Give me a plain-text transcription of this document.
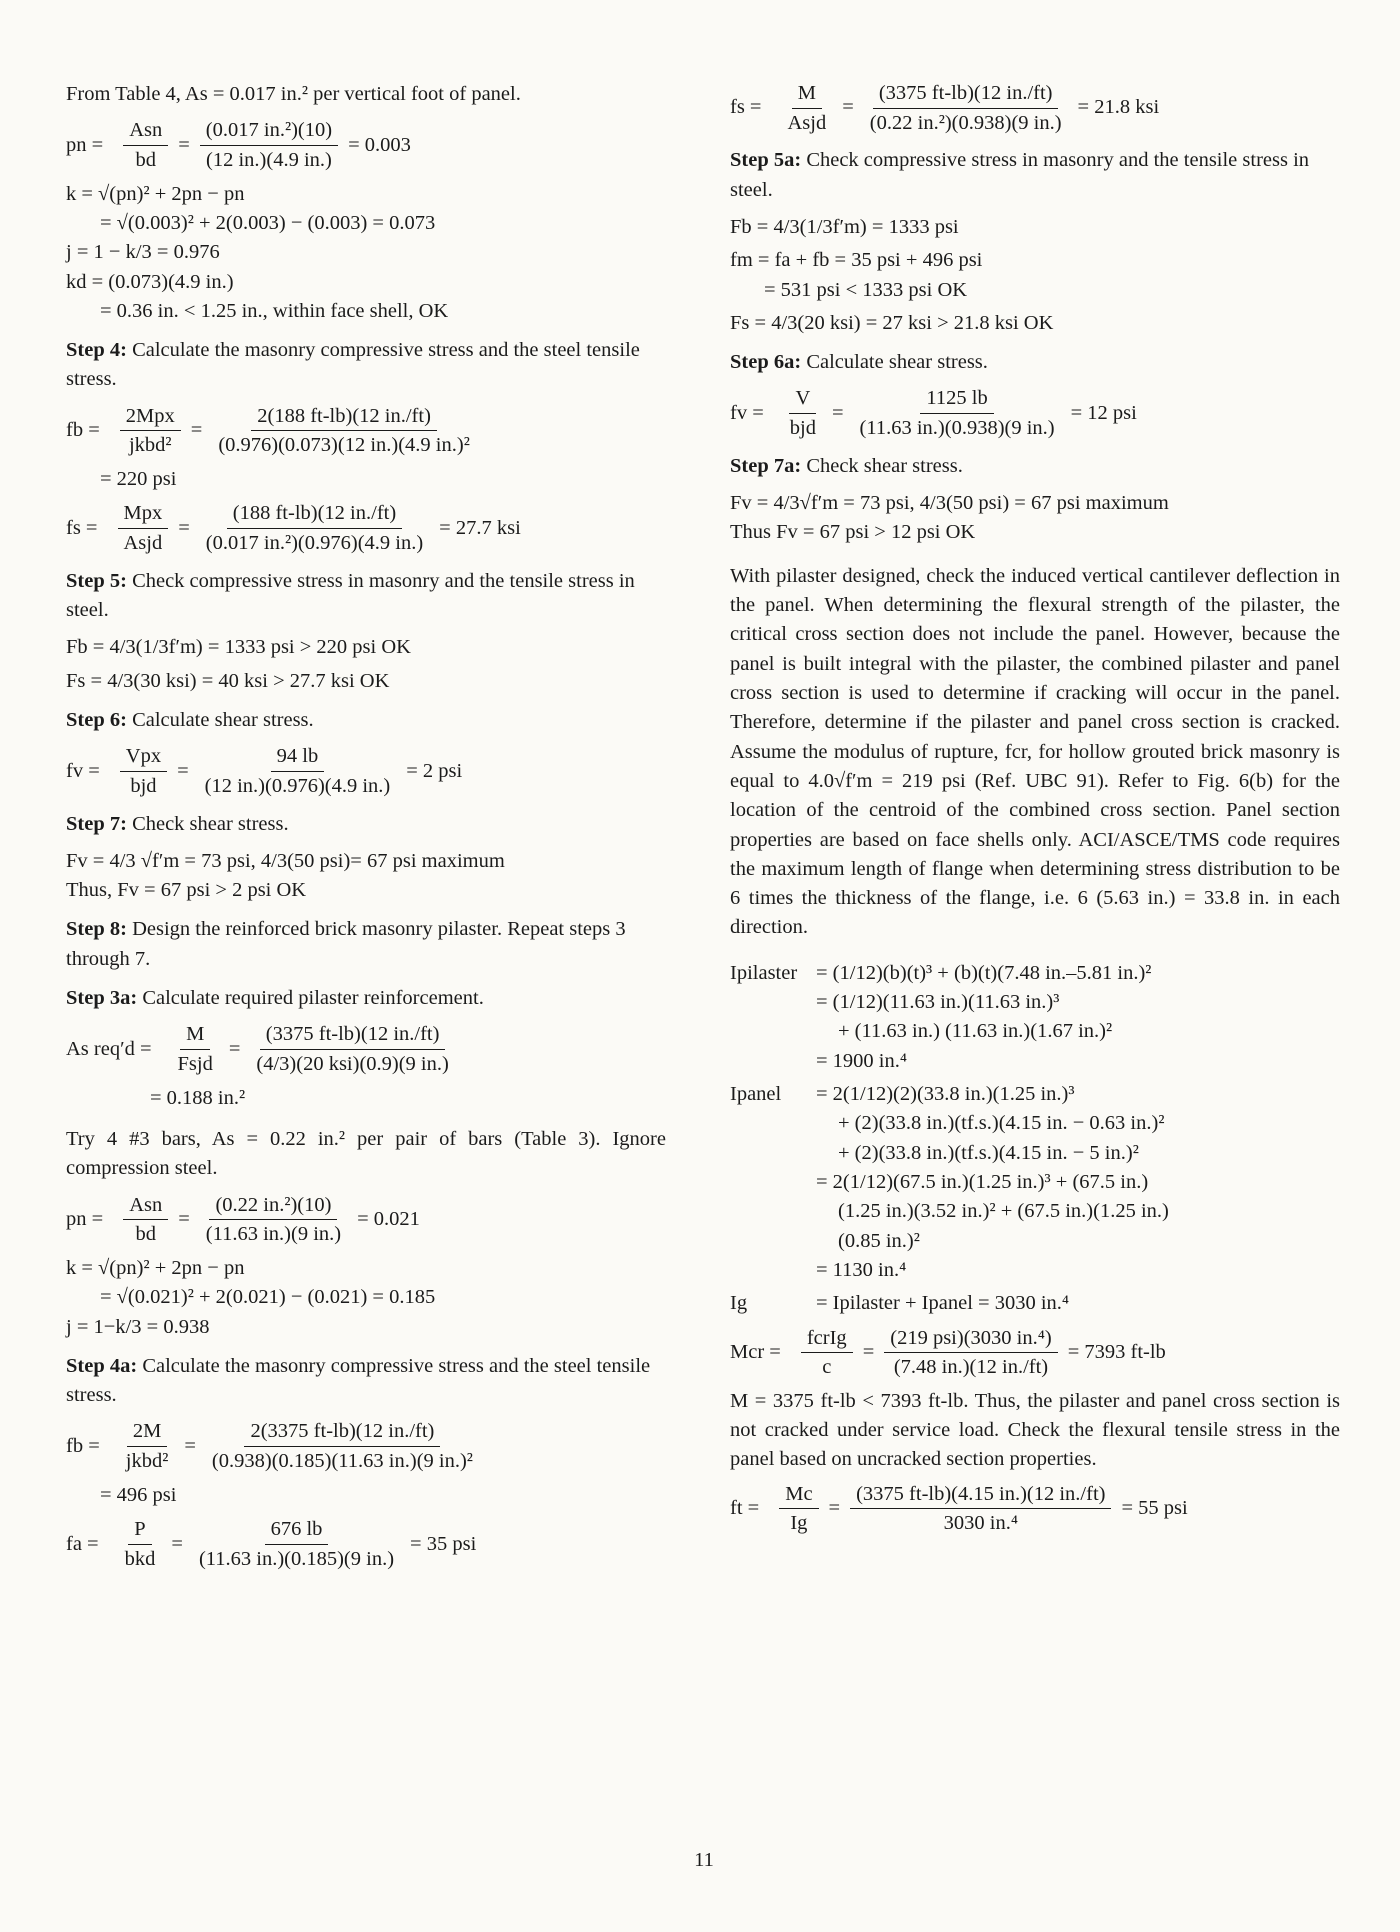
From Table 4, As = 0.017 in.² per vertical foot of panel.

pn = $\frac{\text{Asn}}{bd} = \frac{\text{(0.017 in.²)(10)}}{(12 in.)(4.9 in.)} = 0.003$
k = √(pn)² + 2pn − pn
= √(0.003)² + 2(0.003) − (0.003) = 0.073
j = 1 − k/3 = 0.976
kd = (0.073)(4.9 in.)
= 0.36 in. < 1.25 in., within face shell, OK

Step 4: Calculate the masonry compressive stress and the steel tensile stress.

fb = $\frac{\text{2Mpx}}{\text{jkbd²}} = \frac{2(188 ft-lb)(12 in./ft)}{\text{(0.976)(0.073)(12 in.)(4.9 in.)²}}$
= 220 psi
fs = $\frac{\text{Mpx}}{\text{Asjd}} = \frac{(188 ft-lb)(12 in./ft)}{\text{(0.017 in.²)(0.976)(4.9 in.)}} = 27.7$ ksi

Step 5: Check compressive stress in masonry and the tensile stress in steel.

Fb = 4/3(1/3f′m) = 1333 psi > 220 psi OK
Fs = 4/3(30 ksi) = 40 ksi > 27.7 ksi OK

Step 6: Calculate shear stress.

fv = $\frac{\text{Vpx}}{\text{bjd}} = \frac{94 lb}{(12 in.)(0.976)(4.9 in.)} = 2$ psi

Step 7: Check shear stress.

Fv = 4/3 √f′m = 73 psi, 4/3(50 psi)= 67 psi maximum
Thus, Fv = 67 psi > 2 psi OK

Step 8: Design the reinforced brick masonry pilaster. Repeat steps 3 through 7.

Step 3a: Calculate required pilaster reinforcement.

As $req'd = \frac{M}{\text{Fsjd}} = \frac{(3375 ft-lb)(12 in./ft)}{\text{(4/3)(20 ksi)(0.9)(9 in.)}}$
= 0.188 in.²

Try 4 #3 bars, As = 0.22 in.² per pair of bars (Table 3). Ignore compression steel.

pn = $\frac{\text{Asn}}{bd} = \frac{\text{(0.22 in.²)(10)}}{(11.63 in.)(9 in.)} = 0.021$
k = √(pn)² + 2pn − pn
= √(0.021)² + 2(0.021) − (0.021) = 0.185
j = 1−k/3 = 0.938

Step 4a: Calculate the masonry compressive stress and the steel tensile stress.

fb = $\frac{2M}{\text{jkbd²}} = \frac{2(3375 ft-lb)(12 in./ft)}{\text{(0.938)(0.185)(11.63 in.)(9 in.)²}}$
= 496 psi
fa = $\frac{P}{\text{bkd}} = \frac{676 lb}{(11.63 in.)(0.185)(9 in.)} = 35$ psi
fs = $\frac{M}{\text{Asjd}} = \frac{(3375 ft-lb)(12 in./ft)}{\text{(0.22 in.²)(0.938)(9 in.)}} = 21.8$ ksi

Step 5a: Check compressive stress in masonry and the tensile stress in steel.

Fb = 4/3(1/3f′m) = 1333 psi
fm = fa + fb = 35 psi + 496 psi
= 531 psi < 1333 psi OK
Fs = 4/3(20 ksi) = 27 ksi > 21.8 ksi OK

Step 6a: Calculate shear stress.

fv = $\frac{V}{\text{bjd}} = \frac{1125 lb}{(11.63 in.)(0.938)(9 in.)} = 12$ psi

Step 7a: Check shear stress.

Fv = 4/3√f′m = 73 psi, 4/3(50 psi) = 67 psi maximum
Thus Fv = 67 psi > 12 psi OK

With pilaster designed, check the induced vertical cantilever deflection in the panel. When determining the flexural strength of the pilaster, the critical cross section does not include the panel. However, because the panel is built integral with the pilaster, the combined pilaster and panel cross section is used to determine if cracking will occur in the panel. Therefore, determine if the pilaster and panel cross section is cracked. Assume the modulus of rupture, fcr, for hollow grouted brick masonry is equal to 4.0√f′m = 219 psi (Ref. UBC 91). Refer to Fig. 6(b) for the location of the centroid of the combined cross section. Panel section properties are based on face shells only. ACI/ASCE/TMS code requires the maximum length of flange when determining stress distribution to be 6 times the thickness of the flange, i.e. 6 (5.63 in.) = 33.8 in. in each direction.

Ipilaster = (1/12)(b)(t)³ + (b)(t)(7.48 in.–5.81 in.)²
= (1/12)(11.63 in.)(11.63 in.)³
+ (11.63 in.) (11.63 in.)(1.67 in.)²
= 1900 in.⁴
Ipanel	= 2(1/12)(2)(33.8 in.)(1.25 in.)³
+ (2)(33.8 in.)(tf.s.)(4.15 in. − 0.63 in.)²
+ (2)(33.8 in.)(tf.s.)(4.15 in. − 5 in.)²
= 2(1/12)(67.5 in.)(1.25 in.)³ + (67.5 in.)
(1.25 in.)(3.52 in.)² + (67.5 in.)(1.25 in.)
(0.85 in.)²
= 1130 in.⁴
Ig	= Ipilaster + Ipanel = 3030 in.⁴
Mcr = $\frac{\text{fcrIg}}{c} = \frac{\text{(219 psi)(3030 in.⁴)}}{(7.48 in.)(12 in./ft)} = 7393$ ft-lb

M = 3375 ft-lb < 7393 ft-lb. Thus, the pilaster and panel cross section is not cracked under service load. Check the flexural tensile stress in the panel based on uncracked section properties.

ft = $\frac{Mc}{Ig} = \frac{(3375 ft-lb)(4.15 in.)(12 in./ft)}{\text{3030 in.⁴}} = 55$ psi
11
